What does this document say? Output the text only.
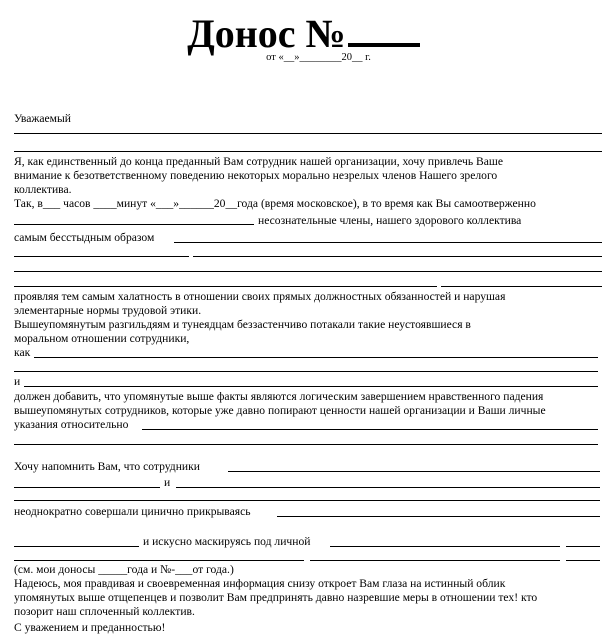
Донос №
от «__»________20__ г.
Уважаемый
Я, как единственный до конца преданный Вам сотрудник нашей организации, хочу привлечь Ваше
внимание к безответственному поведению некоторых морально незрелых членов Нашего зрелого
коллектива.
Так, в___ часов ____минут «___»______20__года (время московское), в то время как Вы самоотверженно
несознательные члены, нашего здорового коллектива
самым бесстыдным образом
проявляя тем самым халатность в отношении своих прямых должностных обязанностей и нарушая
элементарные нормы трудовой этики.
Вышеупомянутым разгильдяям и тунеядцам беззастенчиво потакали такие неустоявшиеся в
моральном отношении сотрудники,
как
и
должен добавить, что упомянутые выше факты являются логическим завершением нравственного падения
вышеупомянутых сотрудников, которые уже давно попирают ценности нашей организации и Ваши личные
указания относительно
Хочу напомнить Вам, что сотрудники
и
неоднократно совершали цинично прикрываясь
и искусно маскируясь под личной
(см. мои доносы _____года и №-___от года.)
Надеюсь, моя правдивая и своевременная информация снизу откроет Вам глаза на истинный облик
упомянутых выше отщепенцев и позволит Вам предпринять давно назревшие меры в отношении тех! кто
позорит наш сплоченный коллектив.
С уважением и преданностью!
